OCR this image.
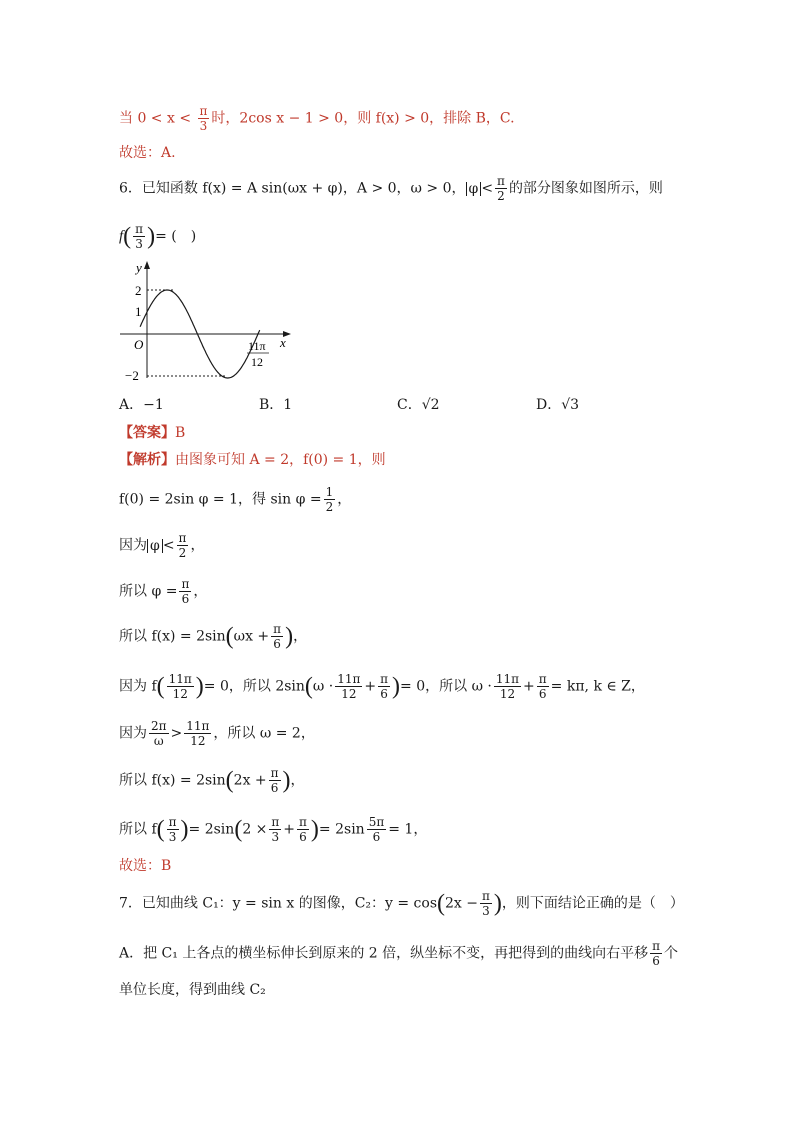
当 $0 < x < \frac{\pi}{3}$ 时，2cos x − 1 > 0，则 f(x) > 0，排除 B，C.
故选：A.
6．已知函数 f(x) = A sin(ωx + φ)，A > 0，ω > 0， $\varphi < \frac{\pi}{2}$ 的部分图象如图所示，则
$f( \frac{\pi}{3}$ )= (　)
y
x
O
2
1
−2
11π
12
A．−1	B．1	C．√2	D．√3
【答案】B
【解析】由图象可知 A = 2，f(0) = 1，则
f(0) = 2sin φ = 1，得 $\sin \varphi = \frac{1}{2}$ ，
因为 $\varphi < \frac{\pi}{2}$ ，
所以 $\varphi = \frac{\pi}{6}$ ，
所以 $f(x) = 2\sin(\omega x + \frac{\pi}{6}$ )，
因为 $f( \frac{11\pi}{12}$ )= 0，所以 $2\sin(\omega \cdot \frac{11\pi}{12} + \frac{\pi}{6}$ )= 0，所以 $\omega \cdot \frac{11\pi}{12} + \frac{\pi}{6} = k\pi$, k ∈ Z，
因为 $\frac{2\pi}{\omega} > \frac{11\pi}{12}$ ，所以 ω = 2，
所以 $f(x) = 2\sin(2x + \frac{\pi}{6}$ )，
所以 $f( \frac{\pi}{3}$ )= $2\sin(2 \times \frac{\pi}{3} + \frac{\pi}{6}$ )= $2\sin \frac{5\pi}{6} = 1$，
故选：B
7．已知曲线 C₁：y = sin x 的图像，C₂：$y = \cos(2x - \frac{\pi}{3}$ )，则下面结论正确的是（　）
A．把 C₁ 上各点的横坐标伸长到原来的 2 倍，纵坐标不变，再把得到的曲线向右平移 $\frac{\pi}{6}$ 个
单位长度，得到曲线 C₂
